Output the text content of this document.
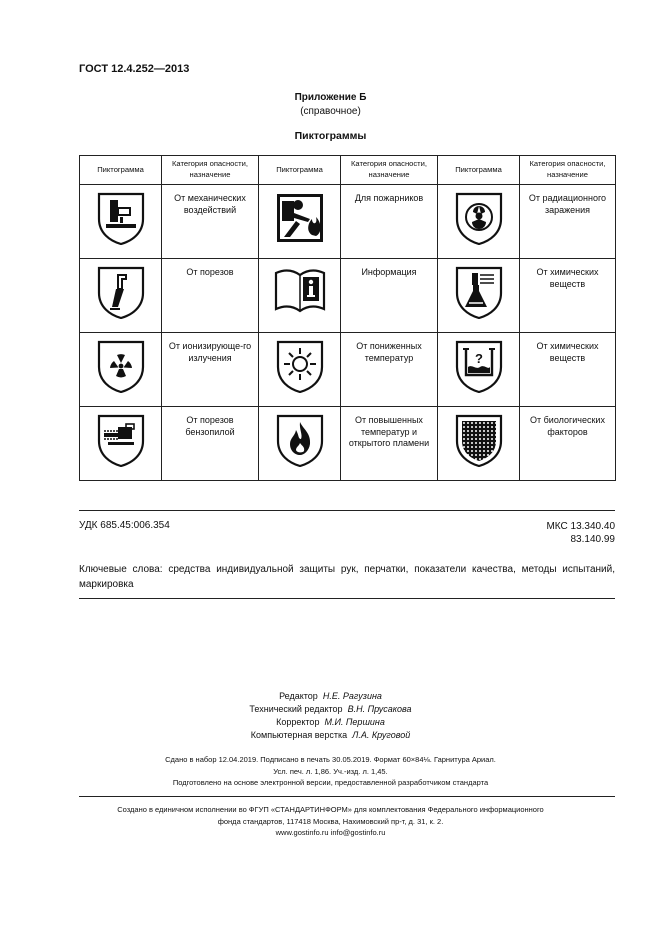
ГОСТ 12.4.252—2013
Приложение Б
(справочное)
Пиктограммы
Пиктограмма	Категория опасности, назначение	Пиктограмма	Категория опасности, назначение	Пиктограмма	Категория опасности, назначение

	От механических воздействий		Для пожарников		От радиационного заражения

	От порезов		Информация		От химических веществ

	От ионизирующе-го излучения		От пониженных температур	?	От химических веществ

	От порезов бензопилой		От повышенных температур и открытого пламени		От биологических факторов
УДК 685.45:006.354	МКС 13.340.40
83.140.99
Ключевые слова: средства индивидуальной защиты рук, перчатки, показатели качества, методы испытаний, маркировка
Редактор Н.Е. Рагузина
Технический редактор В.Н. Прусакова
Корректор М.И. Першина
Компьютерная верстка Л.А. Круговой
Сдано в набор 12.04.2019. Подписано в печать 30.05.2019. Формат 60×84⅛. Гарнитура Ариал.
Усл. печ. л. 1,86. Уч.-изд. л. 1,45.
Подготовлено на основе электронной версии, предоставленной разработчиком стандарта
Создано в единичном исполнении во ФГУП «СТАНДАРТИНФОРМ» для комплектования Федерального информационного
фонда стандартов, 117418 Москва, Нахимовский пр-т, д. 31, к. 2.
www.gostinfo.ru info@gostinfo.ru
